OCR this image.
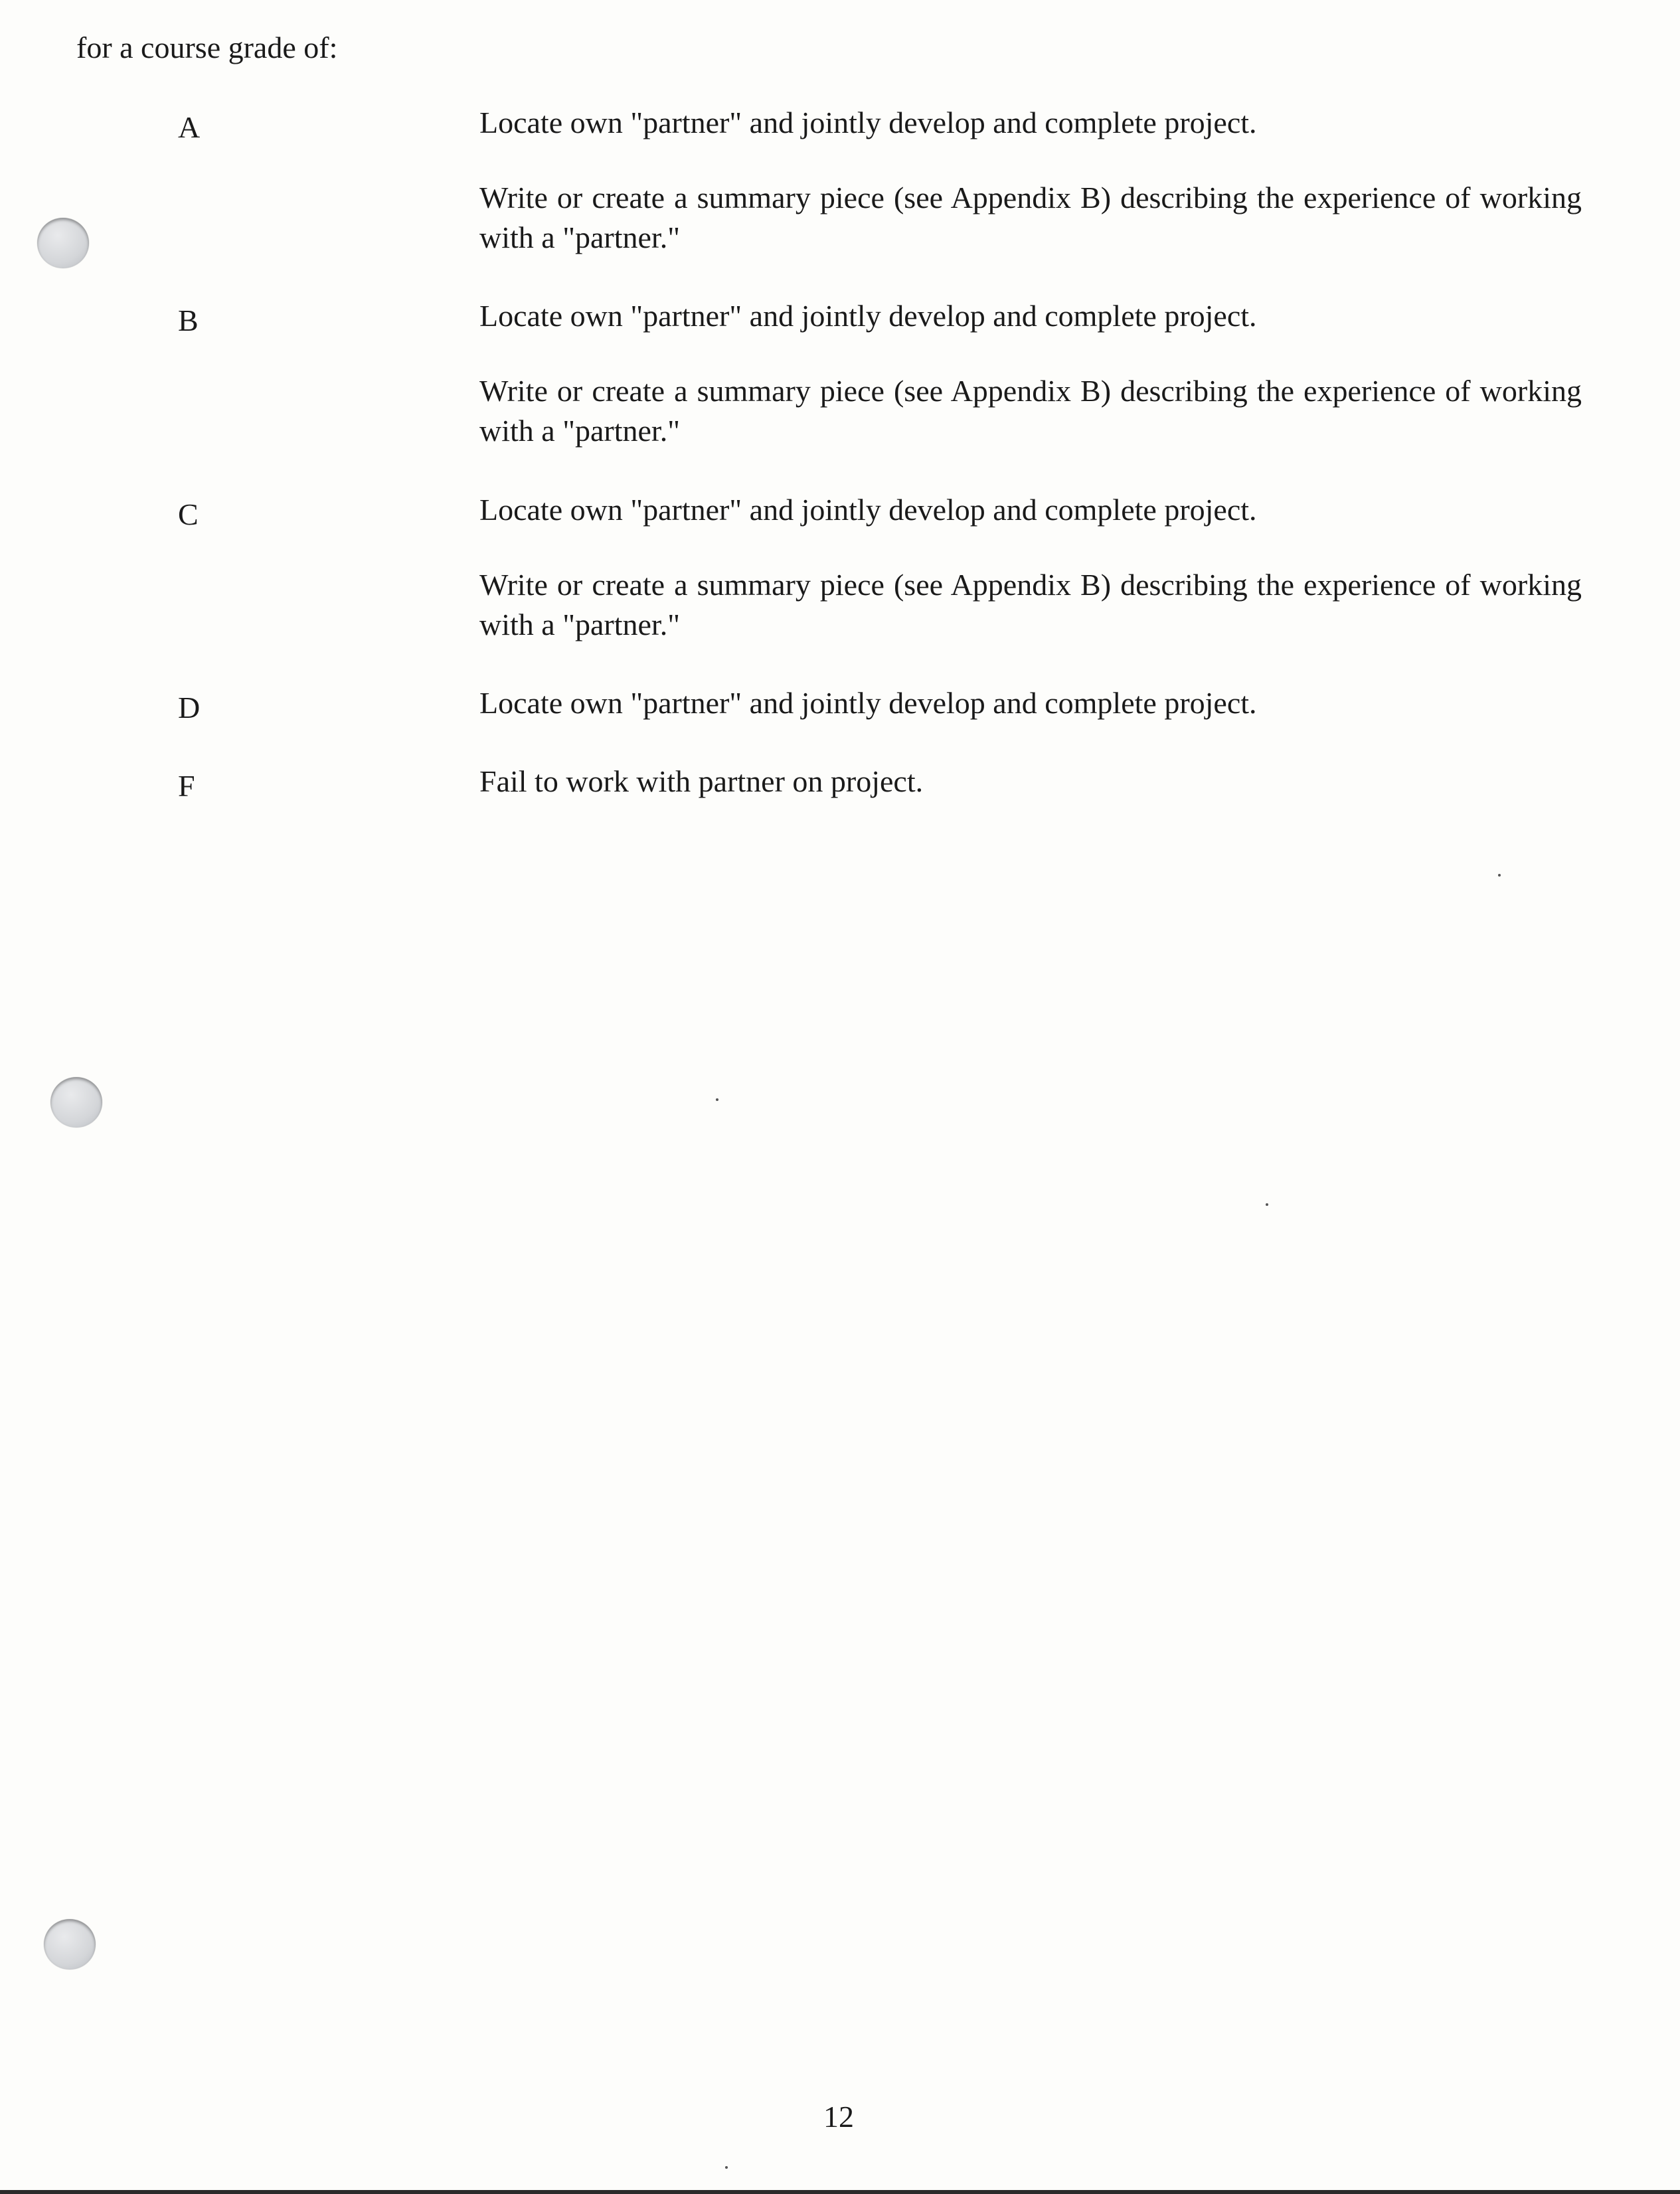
for a course grade of:
A	Locate own "partner" and jointly develop and complete project.
Write or create a summary piece (see Appendix B) describing the experience of working with a "partner."
B	Locate own "partner" and jointly develop and complete project.
Write or create a summary piece (see Appendix B) describing the experience of working with a "partner."
C	Locate own "partner" and jointly develop and complete project.
Write or create a summary piece (see Appendix B) describing the experience of working with a "partner."
D	Locate own "partner" and jointly develop and complete project.
F	Fail to work with partner on project.
12
